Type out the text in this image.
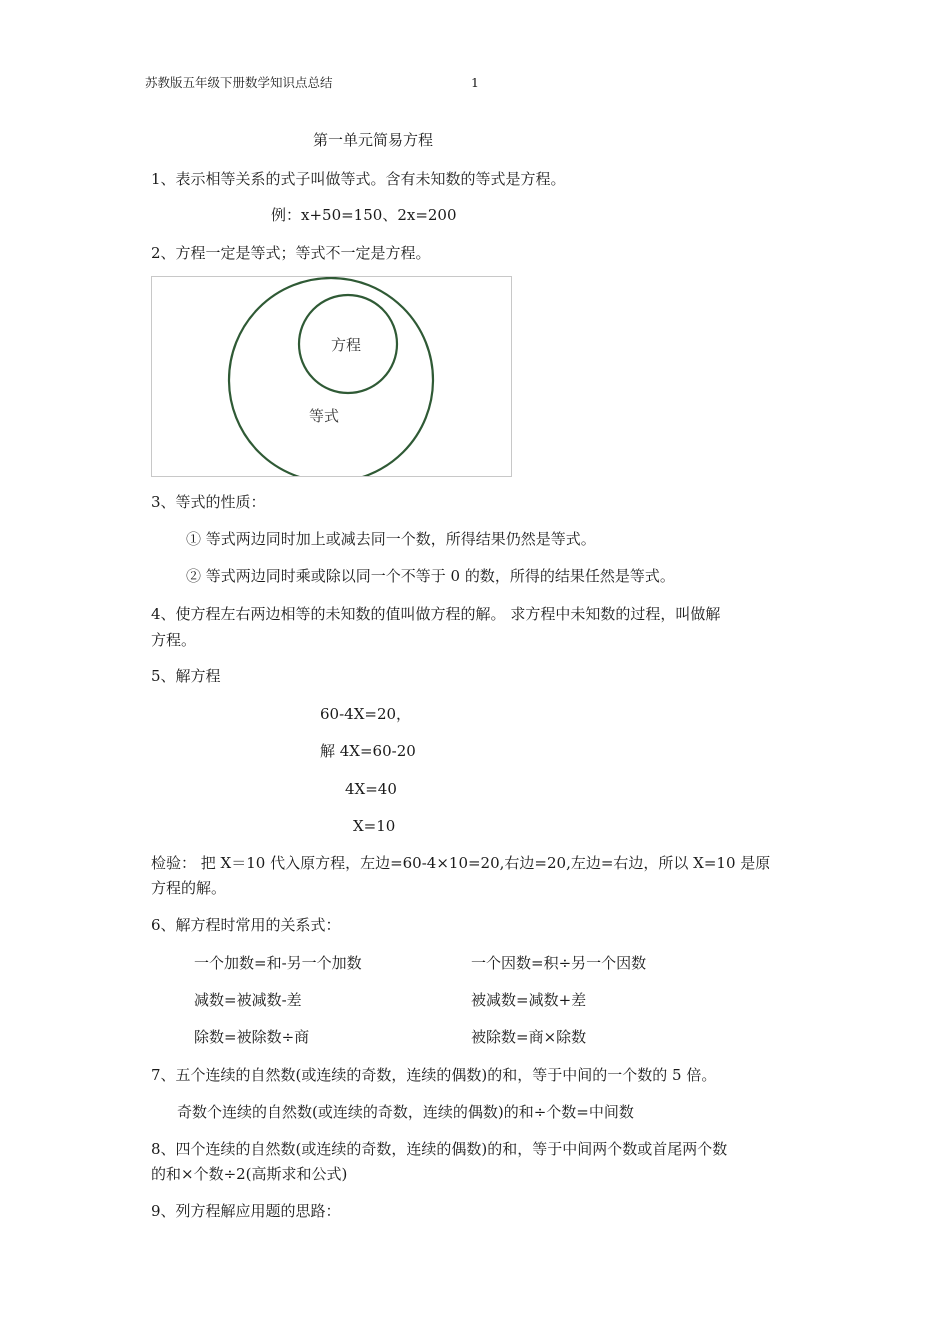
苏教版五年级下册数学知识点总结	1
第一单元简易方程
1、表示相等关系的式子叫做等式。含有未知数的等式是方程。
例：x+50=150、2x=200
2、方程一定是等式；等式不一定是方程。
方程
等式
3、等式的性质：
① 等式两边同时加上或减去同一个数，所得结果仍然是等式。
② 等式两边同时乘或除以同一个不等于 0 的数，所得的结果任然是等式。
4、使方程左右两边相等的未知数的值叫做方程的解。 求方程中未知数的过程，叫做解
方程。
5、解方程
60-4X=20，
解 4X=60-20
4X=40
X=10
检验： 把 X＝10 代入原方程，左边=60-4×10=20,右边=20,左边=右边，所以 X=10 是原
方程的解。
6、解方程时常用的关系式：
一个加数=和-另一个加数	一个因数=积÷另一个因数
减数=被减数-差	被减数=减数+差
除数=被除数÷商	被除数=商×除数
7、五个连续的自然数(或连续的奇数，连续的偶数)的和，等于中间的一个数的 5 倍。
奇数个连续的自然数(或连续的奇数，连续的偶数)的和÷个数=中间数
8、四个连续的自然数(或连续的奇数，连续的偶数)的和，等于中间两个数或首尾两个数
的和×个数÷2(高斯求和公式)
9、列方程解应用题的思路：
